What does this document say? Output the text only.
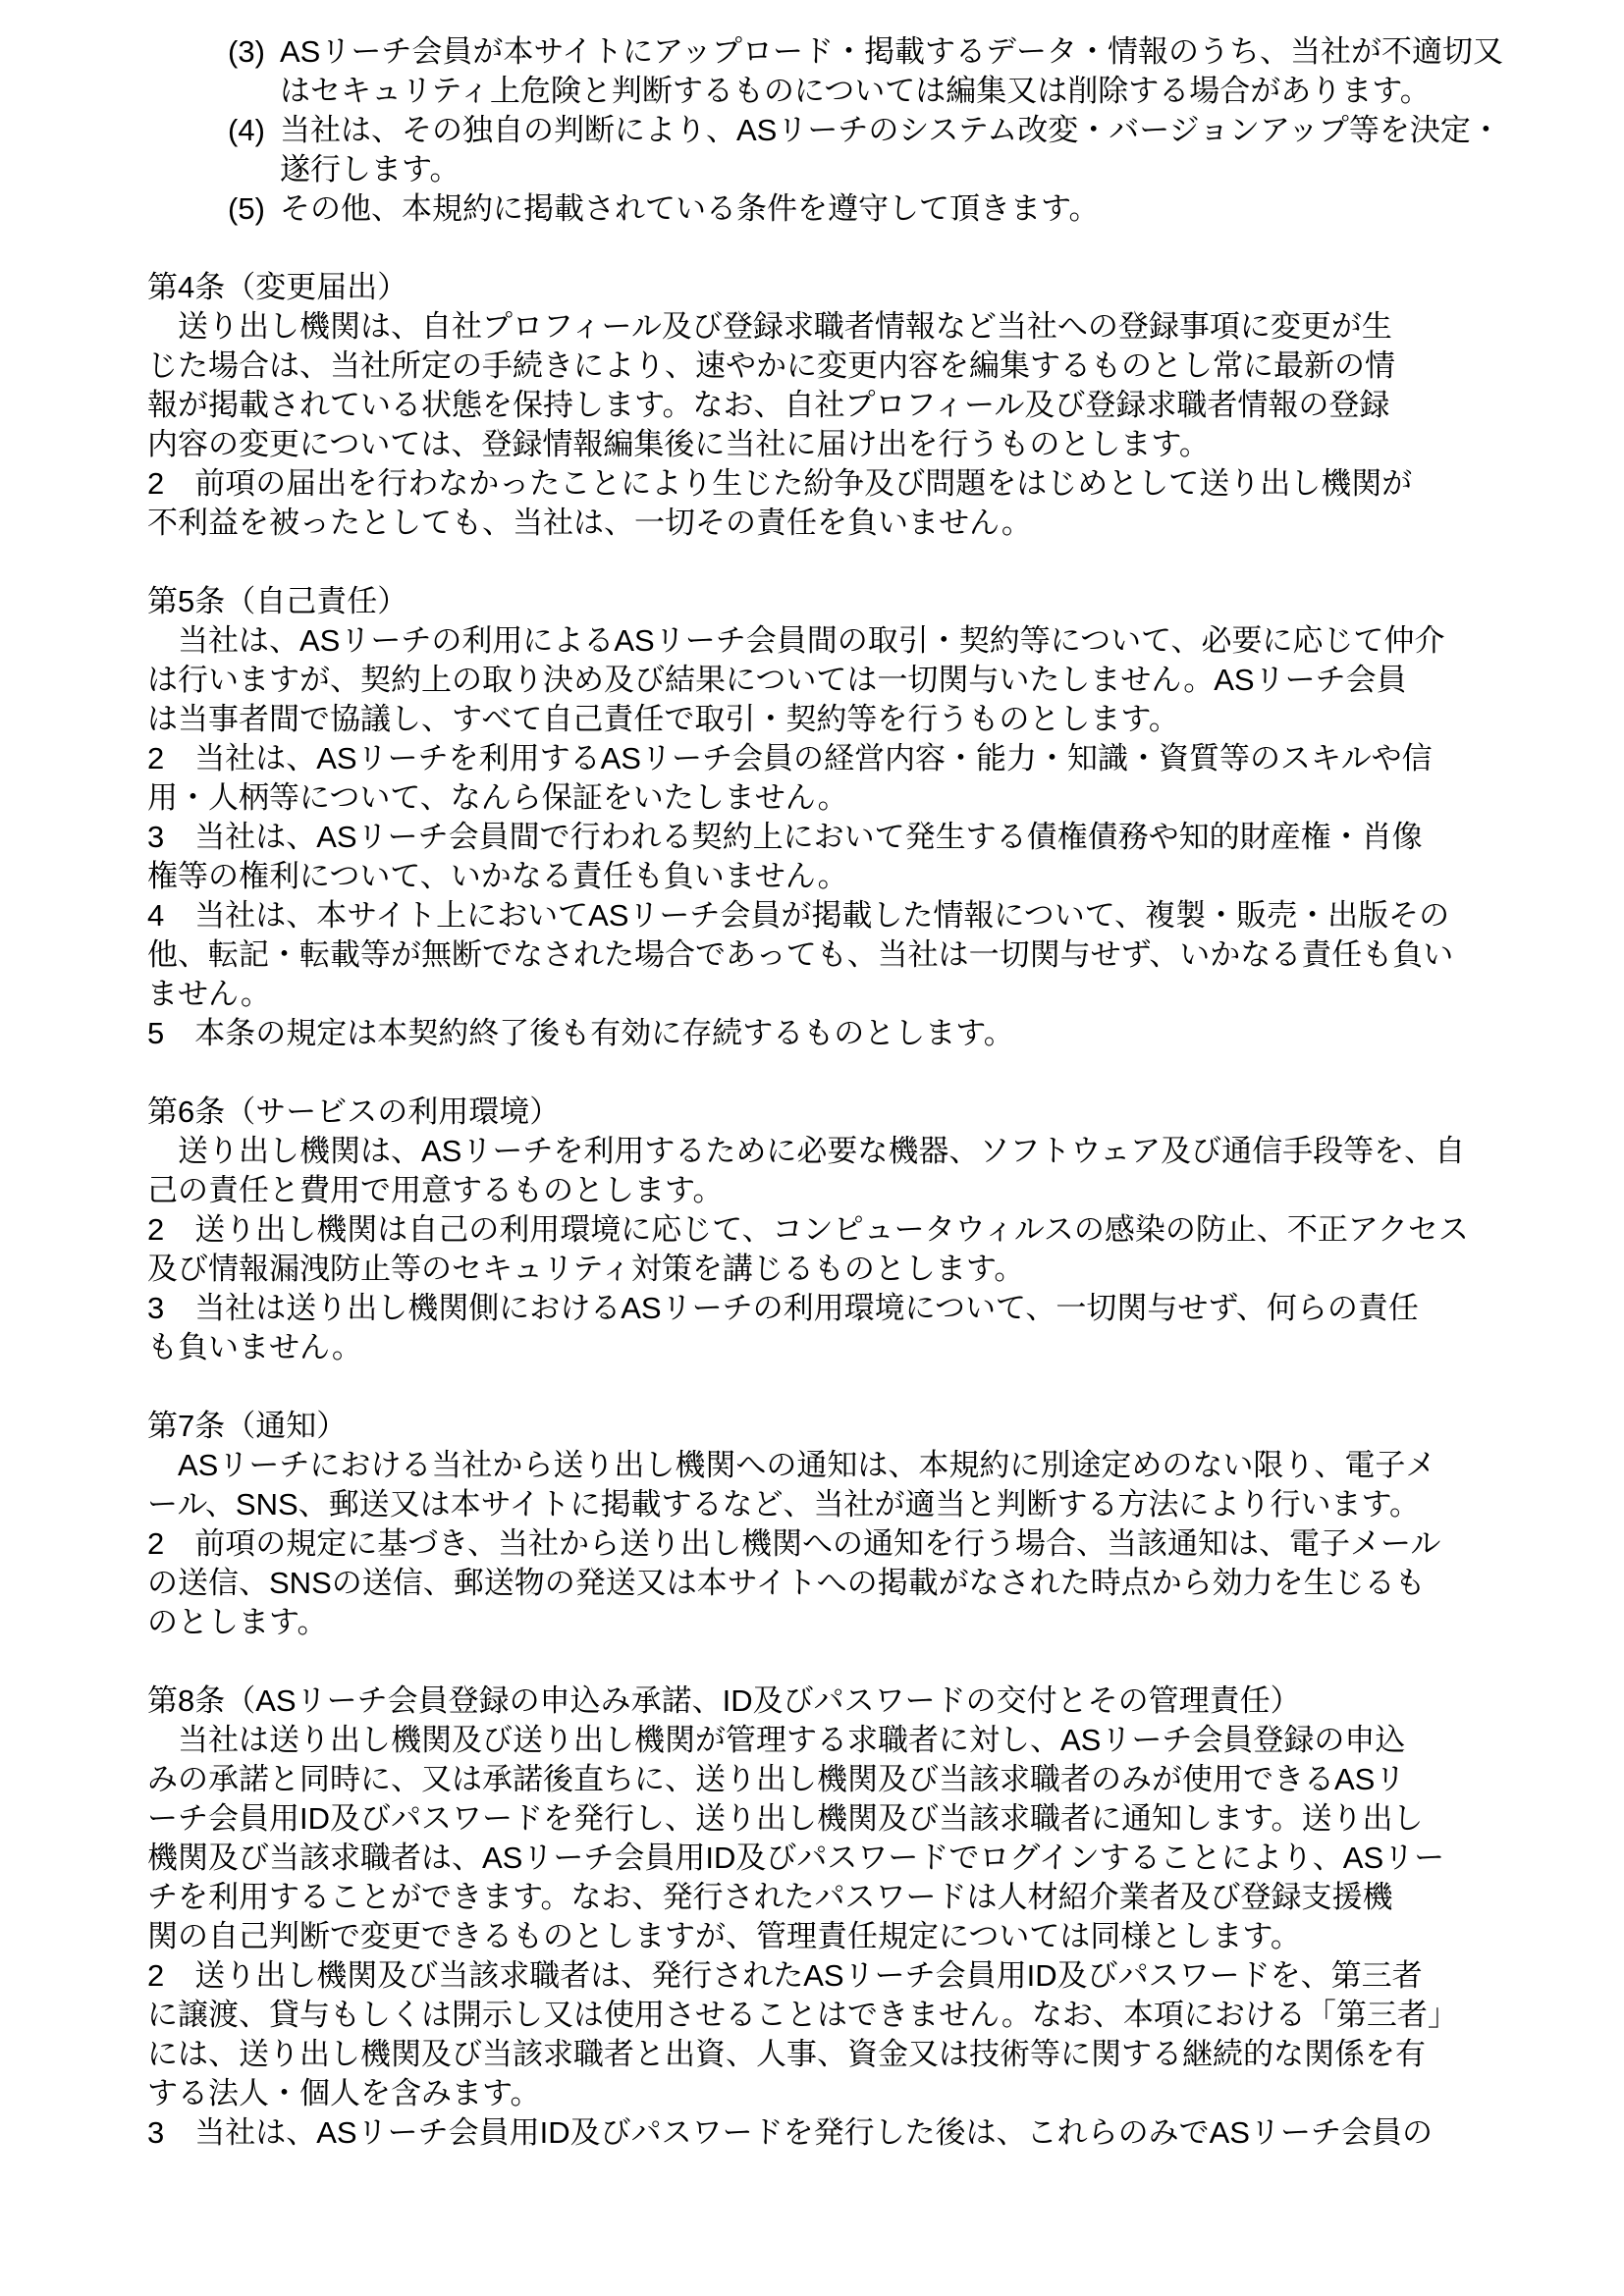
(3) ASリーチ会員が本サイトにアップロード・掲載するデータ・情報のうち、当社が不適切又
はセキュリティ上危険と判断するものについては編集又は削除する場合があります。
(4) 当社は、その独自の判断により、ASリーチのシステム改変・バージョンアップ等を決定・
遂行します。
(5) その他、本規約に掲載されている条件を遵守して頂きます。
第4条（変更届出）
　送り出し機関は、自社プロフィール及び登録求職者情報など当社への登録事項に変更が生
じた場合は、当社所定の手続きにより、速やかに変更内容を編集するものとし常に最新の情
報が掲載されている状態を保持します。なお、自社プロフィール及び登録求職者情報の登録
内容の変更については、登録情報編集後に当社に届け出を行うものとします。
2　前項の届出を行わなかったことにより生じた紛争及び問題をはじめとして送り出し機関が
不利益を被ったとしても、当社は、一切その責任を負いません。
第5条（自己責任）
　当社は、ASリーチの利用によるASリーチ会員間の取引・契約等について、必要に応じて仲介
は行いますが、契約上の取り決め及び結果については一切関与いたしません。ASリーチ会員
は当事者間で協議し、すべて自己責任で取引・契約等を行うものとします。
2　当社は、ASリーチを利用するASリーチ会員の経営内容・能力・知識・資質等のスキルや信
用・人柄等について、なんら保証をいたしません。
3　当社は、ASリーチ会員間で行われる契約上において発生する債権債務や知的財産権・肖像
権等の権利について、いかなる責任も負いません。
4　当社は、本サイト上においてASリーチ会員が掲載した情報について、複製・販売・出版その
他、転記・転載等が無断でなされた場合であっても、当社は一切関与せず、いかなる責任も負い
ません。
5　本条の規定は本契約終了後も有効に存続するものとします。
第6条（サービスの利用環境）
　送り出し機関は、ASリーチを利用するために必要な機器、ソフトウェア及び通信手段等を、自
己の責任と費用で用意するものとします。
2　送り出し機関は自己の利用環境に応じて、コンピュータウィルスの感染の防止、不正アクセス
及び情報漏洩防止等のセキュリティ対策を講じるものとします。
3　当社は送り出し機関側におけるASリーチの利用環境について、一切関与せず、何らの責任
も負いません。
第7条（通知）
　ASリーチにおける当社から送り出し機関への通知は、本規約に別途定めのない限り、電子メ
ール、SNS、郵送又は本サイトに掲載するなど、当社が適当と判断する方法により行います。
2　前項の規定に基づき、当社から送り出し機関への通知を行う場合、当該通知は、電子メール
の送信、SNSの送信、郵送物の発送又は本サイトへの掲載がなされた時点から効力を生じるも
のとします。
第8条（ASリーチ会員登録の申込み承諾、ID及びパスワードの交付とその管理責任）
　当社は送り出し機関及び送り出し機関が管理する求職者に対し、ASリーチ会員登録の申込
みの承諾と同時に、又は承諾後直ちに、送り出し機関及び当該求職者のみが使用できるASリ
ーチ会員用ID及びパスワードを発行し、送り出し機関及び当該求職者に通知します。送り出し
機関及び当該求職者は、ASリーチ会員用ID及びパスワードでログインすることにより、ASリー
チを利用することができます。なお、発行されたパスワードは人材紹介業者及び登録支援機
関の自己判断で変更できるものとしますが、管理責任規定については同様とします。
2　送り出し機関及び当該求職者は、発行されたASリーチ会員用ID及びパスワードを、第三者
に譲渡、貸与もしくは開示し又は使用させることはできません。なお、本項における「第三者」
には、送り出し機関及び当該求職者と出資、人事、資金又は技術等に関する継続的な関係を有
する法人・個人を含みます。
3　当社は、ASリーチ会員用ID及びパスワードを発行した後は、これらのみでASリーチ会員の
